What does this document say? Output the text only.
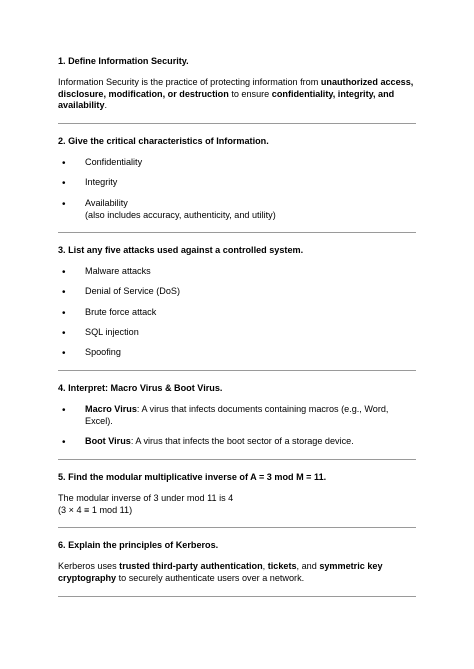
1. Define Information Security.

Information Security is the practice of protecting information from unauthorized access, disclosure, modification, or destruction to ensure confidentiality, integrity, and availability.

2. Give the critical characteristics of Information.

• Confidentiality
• Integrity
• Availability
(also includes accuracy, authenticity, and utility)

3. List any five attacks used against a controlled system.

• Malware attacks
• Denial of Service (DoS)
• Brute force attack
• SQL injection
• Spoofing

4. Interpret: Macro Virus & Boot Virus.

• Macro Virus: A virus that infects documents containing macros (e.g., Word, Excel).
• Boot Virus: A virus that infects the boot sector of a storage device.

5. Find the modular multiplicative inverse of A = 3 mod M = 11.

The modular inverse of 3 under mod 11 is 4
(3 × 4 ≡ 1 mod 11)

6. Explain the principles of Kerberos.

Kerberos uses trusted third-party authentication, tickets, and symmetric key cryptography to securely authenticate users over a network.
